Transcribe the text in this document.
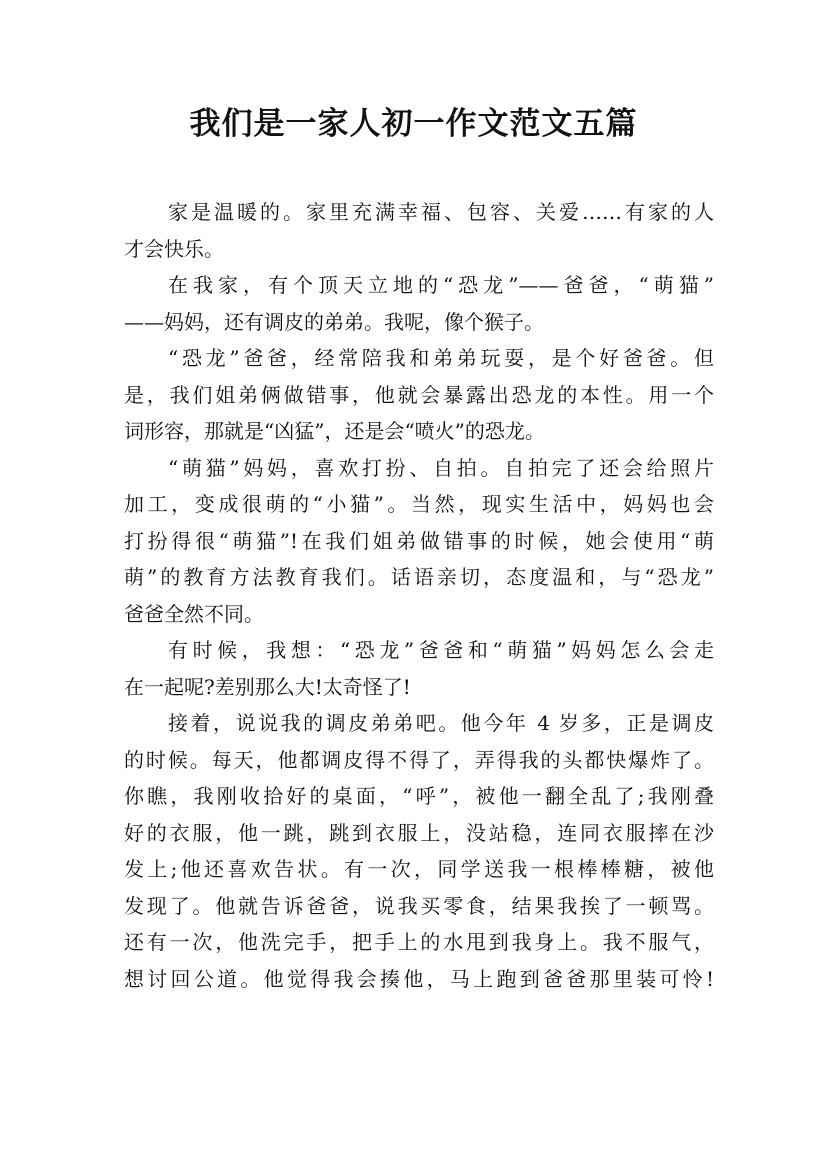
我们是一家人初一作文范文五篇
家是温暖的。家里充满幸福、包容、关爱……有家的人
才会快乐。
在我家，有个顶天立地的“恐龙”——爸爸，“萌猫”
——妈妈，还有调皮的弟弟。我呢，像个猴子。
“恐龙”爸爸，经常陪我和弟弟玩耍，是个好爸爸。但
是，我们姐弟俩做错事，他就会暴露出恐龙的本性。用一个
词形容，那就是“凶猛”，还是会“喷火”的恐龙。
“萌猫”妈妈，喜欢打扮、自拍。自拍完了还会给照片
加工，变成很萌的“小猫”。当然，现实生活中，妈妈也会
打扮得很“萌猫”!在我们姐弟做错事的时候，她会使用“萌
萌”的教育方法教育我们。话语亲切，态度温和，与“恐龙”
爸爸全然不同。
有时候，我想：“恐龙”爸爸和“萌猫”妈妈怎么会走
在一起呢?差别那么大!太奇怪了!
接着，说说我的调皮弟弟吧。他今年 4 岁多，正是调皮
的时候。每天，他都调皮得不得了，弄得我的头都快爆炸了。
你瞧，我刚收拾好的桌面，“呼”，被他一翻全乱了;我刚叠
好的衣服，他一跳，跳到衣服上，没站稳，连同衣服摔在沙
发上;他还喜欢告状。有一次，同学送我一根棒棒糖，被他
发现了。他就告诉爸爸，说我买零食，结果我挨了一顿骂。
还有一次，他洗完手，把手上的水甩到我身上。我不服气，
想讨回公道。他觉得我会揍他，马上跑到爸爸那里装可怜!
